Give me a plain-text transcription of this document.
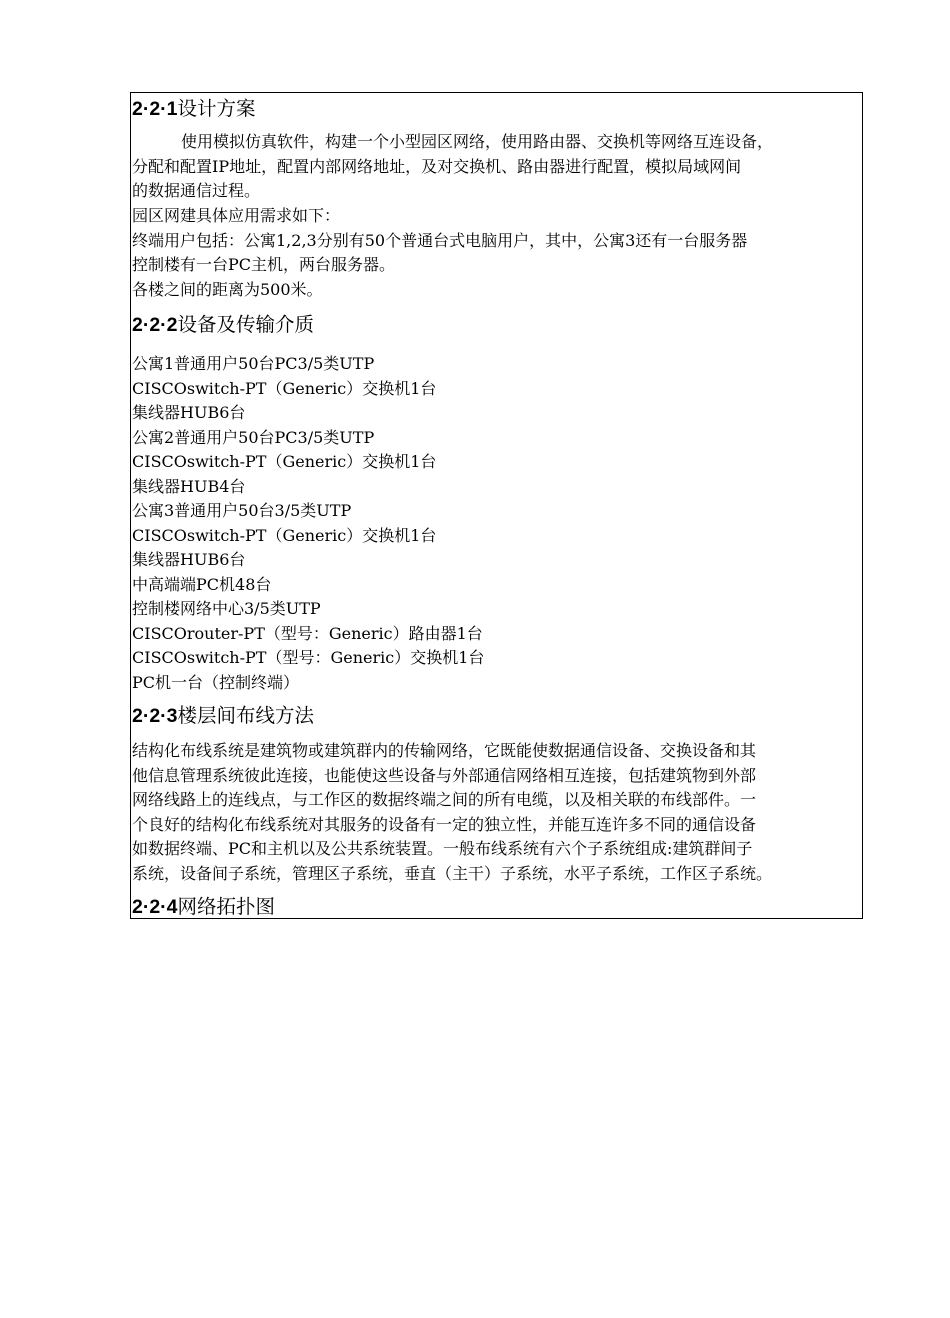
2·2·1设计方案
使用模拟仿真软件，构建一个小型园区网络，使用路由器、交换机等网络互连设备，
分配和配置IP地址，配置内部网络地址，及对交换机、路由器进行配置，模拟局域网间
的数据通信过程。
园区网建具体应用需求如下：
终端用户包括：公寓1,2,3分别有50个普通台式电脑用户，其中，公寓3还有一台服务器
控制楼有一台PC主机，两台服务器。
各楼之间的距离为500米。
2·2·2设备及传输介质
公寓1普通用户50台PC3/5类UTP
CISCOswitch-PT（Generic）交换机1台
集线器HUB6台
公寓2普通用户50台PC3/5类UTP
CISCOswitch-PT（Generic）交换机1台
集线器HUB4台
公寓3普通用户50台3/5类UTP
CISCOswitch-PT（Generic）交换机1台
集线器HUB6台
中高端端PC机48台
控制楼网络中心3/5类UTP
CISCOrouter-PT（型号：Generic）路由器1台
CISCOswitch-PT（型号：Generic）交换机1台
PC机一台（控制终端）
2·2·3楼层间布线方法
结构化布线系统是建筑物或建筑群内的传输网络，它既能使数据通信设备、交换设备和其
他信息管理系统彼此连接，也能使这些设备与外部通信网络相互连接，包括建筑物到外部
网络线路上的连线点，与工作区的数据终端之间的所有电缆，以及相关联的布线部件。一
个良好的结构化布线系统对其服务的设备有一定的独立性，并能互连许多不同的通信设备
如数据终端、PC和主机以及公共系统装置。一般布线系统有六个子系统组成:建筑群间子
系统，设备间子系统，管理区子系统，垂直（主干）子系统，水平子系统，工作区子系统。
2·2·4网络拓扑图
